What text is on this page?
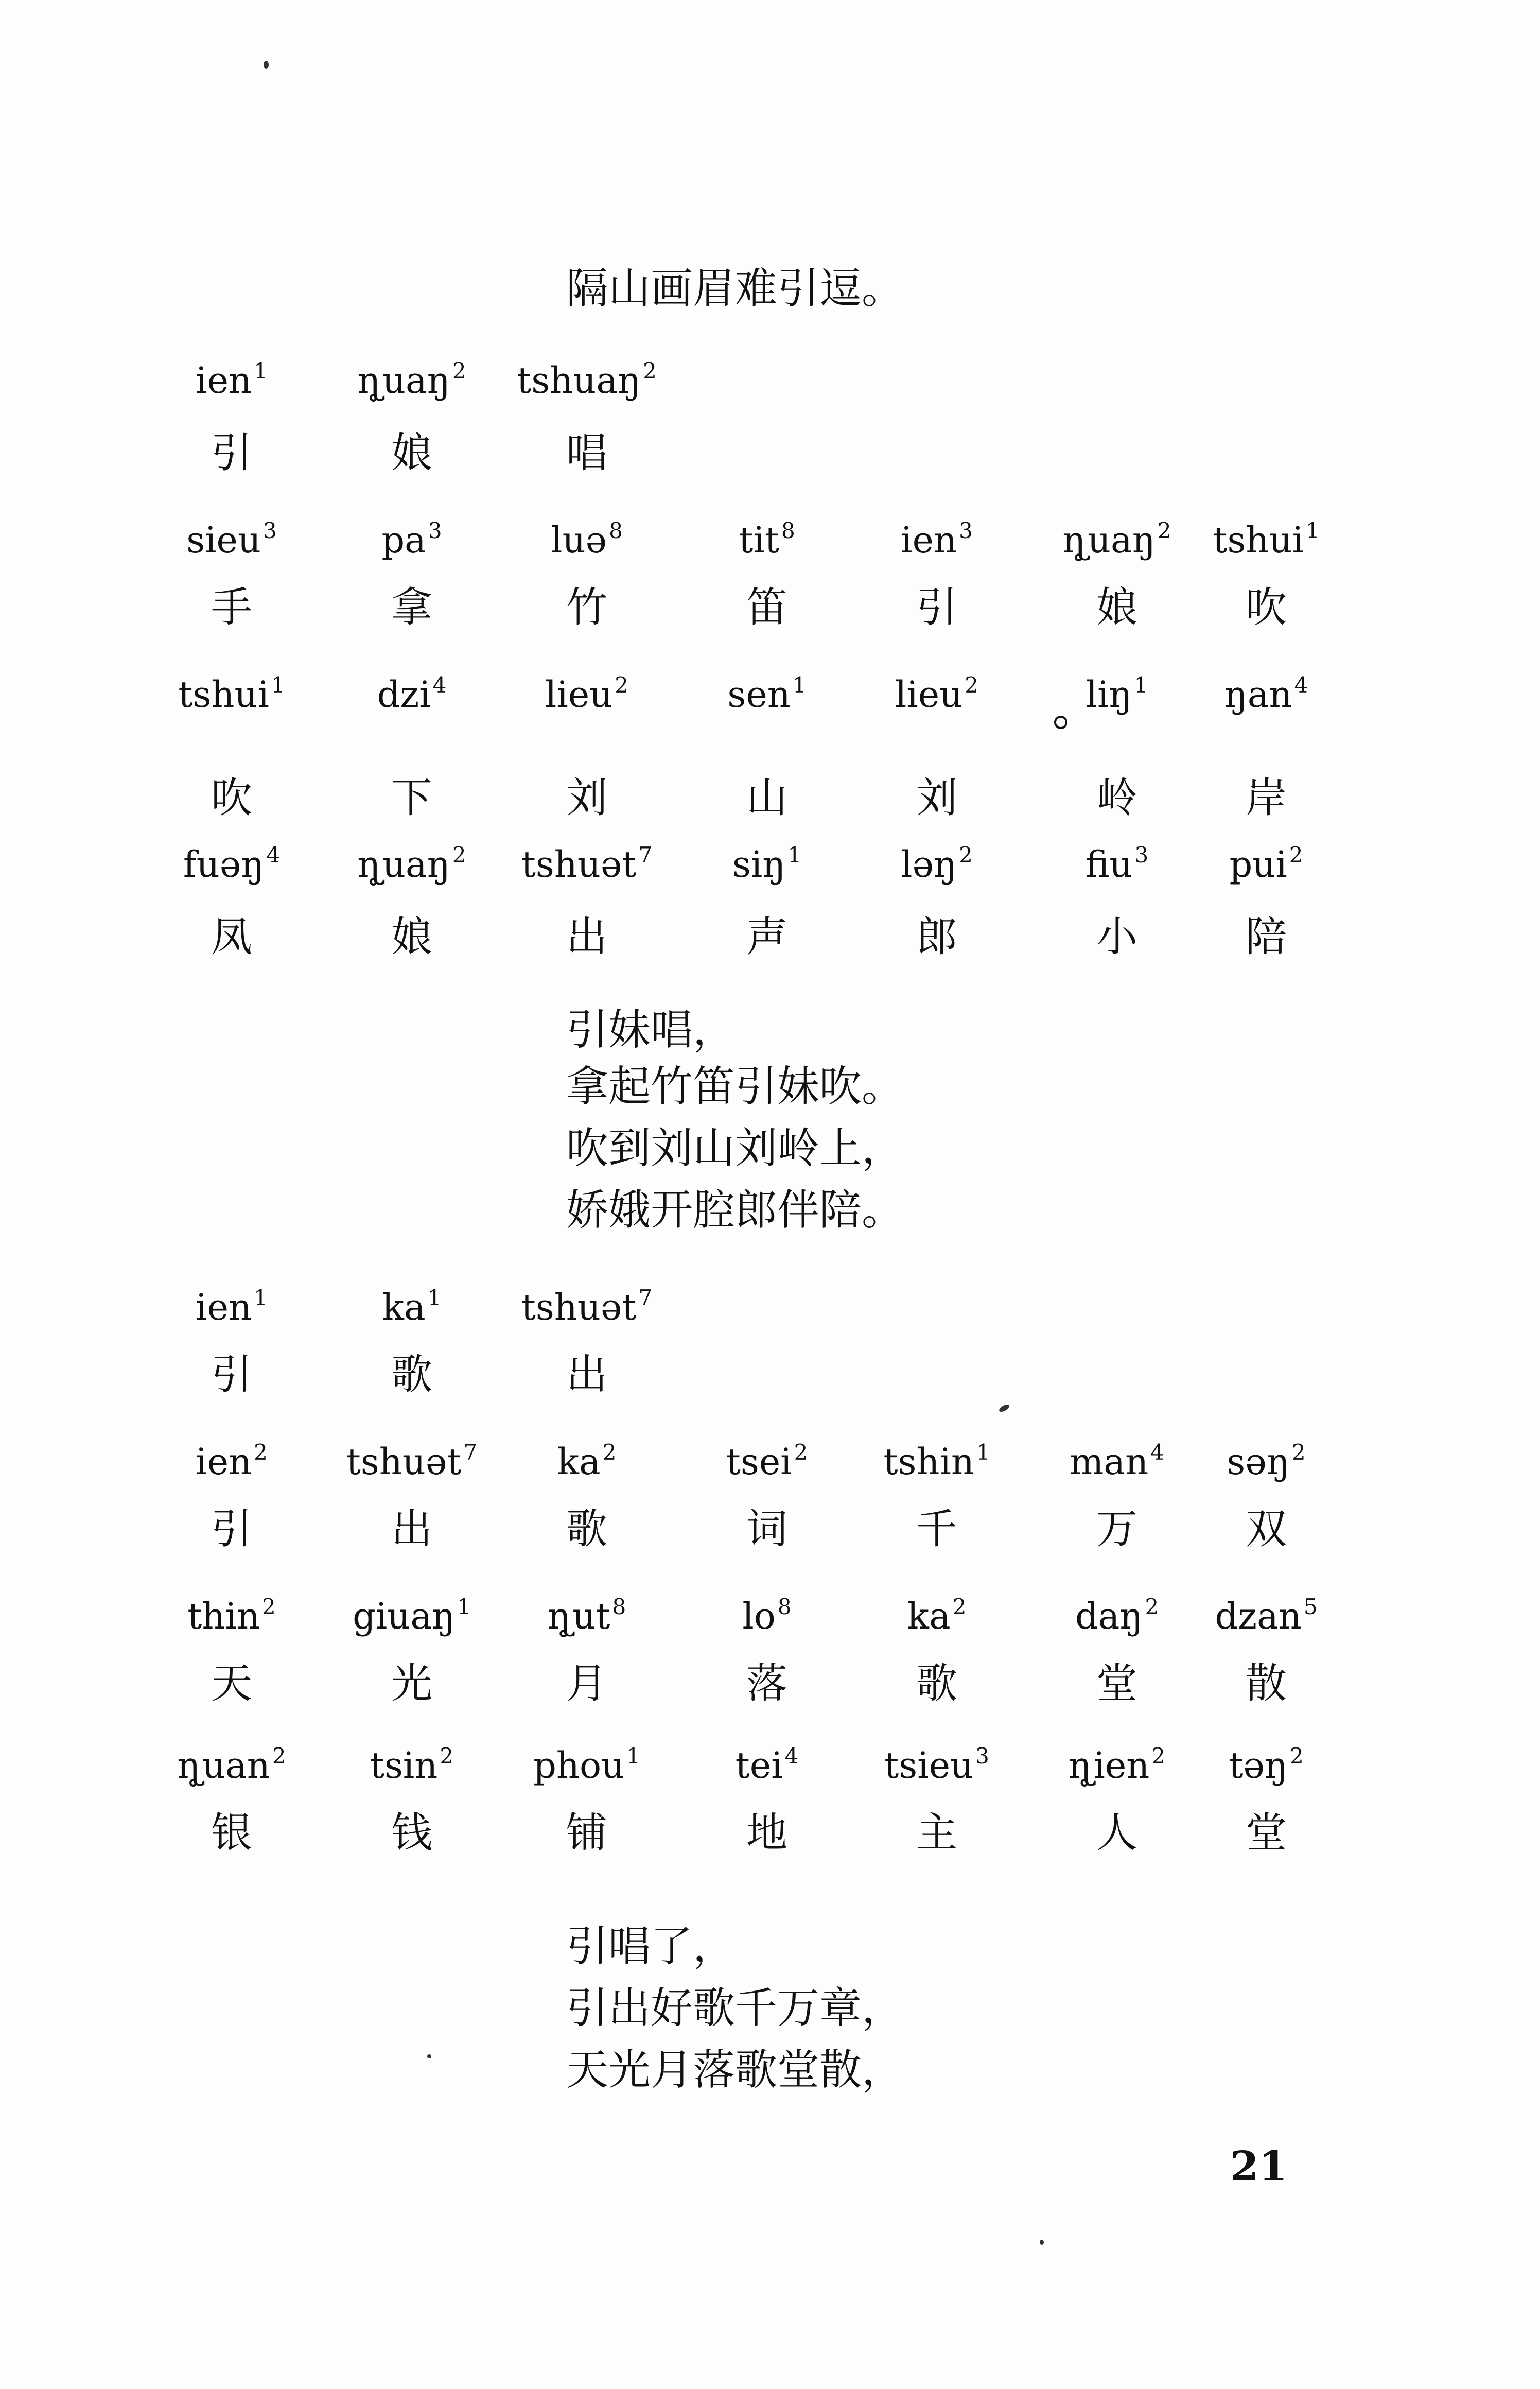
隔山画眉难引逗。
ien$^1$
引
ɳ̥uaŋ$^2$
娘
tshuaŋ$^2$
唱
sieu$^3$
手
$pa^3$
拿
luə$^8$
竹
tit$^8$
笛
ien$^3$
引
ɳ̥uaŋ$^2$
娘
tshui$^1$
吹
tshui$^1$
吹
dzi$^4$
下
lieu$^2$
刘
sen$^1$
山
lieu$^2$
刘
liŋ$^1$
岭
ŋan$^4$
岸
fuəŋ$^4$
凤
ɳ̥uaŋ$^2$
娘
tshuət$^7$
出
siŋ$^1$
声
ləŋ$^2$
郎
fiu$^3$
小
pui$^2$
陪
引妹唱，
拿起竹笛引妹吹。
吹到刘山刘岭上，
娇娥开腔郎伴陪。
ien$^1$
引
$ka^1$
歌
tshuət$^7$
出
ien$^2$
引
tshuət$^7$
出
$ka^2$
歌
tsei$^2$
词
tshin$^1$
千
man$^4$
万
səŋ$^2$
双
thin$^2$
天
giuaŋ$^1$
光
$ɳ̥ut^8$
月
$lo^8$
落
$ka^2$
歌
daŋ$^2$
堂
dzan$^5$
散
ɳ̥uan$^2$
银
tsin$^2$
钱
phou$^1$
铺
tei$^4$
地
tsieu$^3$
主
ɳ̥ien$^2$
人
təŋ$^2$
堂
引唱了，
引出好歌千万章，
天光月落歌堂散，
21
